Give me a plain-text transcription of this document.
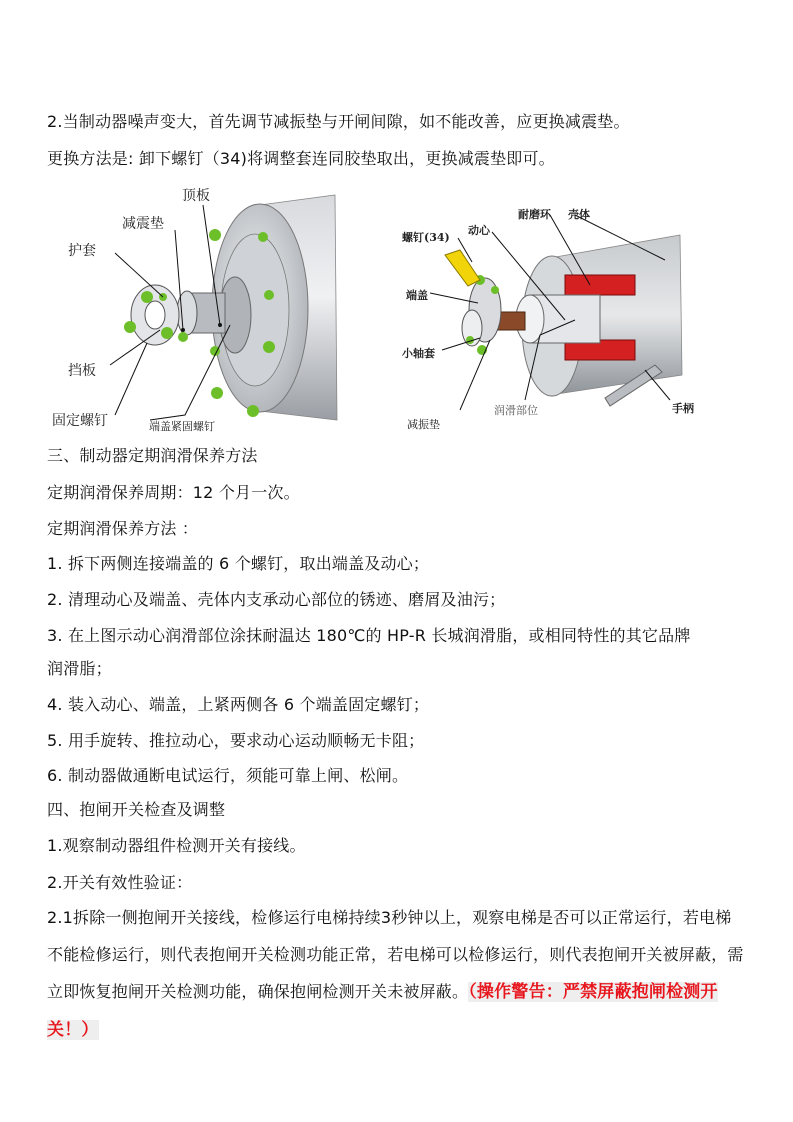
2.当制动器噪声变大，首先调节减振垫与开闸间隙，如不能改善，应更换减震垫。

更换方法是: 卸下螺钉（34)将调整套连同胶垫取出，更换减震垫即可。

顶板
减震垫
护套
挡板
固定螺钉	端盖紧固螺钉
螺钉(34)
动心
耐磨环 壳体
端盖
小轴套
减振垫
润滑部位	手柄

三、制动器定期润滑保养方法

定期润滑保养周期：12 个月一次。

定期润滑保养方法 ：

1. 拆下两侧连接端盖的 6 个螺钉，取出端盖及动心；

2. 清理动心及端盖、壳体内支承动心部位的锈迹、磨屑及油污；

3. 在上图示动心润滑部位涂抹耐温达 180℃的 HP-R 长城润滑脂，或相同特性的其它品牌

润滑脂；

4. 装入动心、端盖，上紧两侧各 6 个端盖固定螺钉；

5. 用手旋转、推拉动心，要求动心运动顺畅无卡阻；

6. 制动器做通断电试运行，须能可靠上闸、松闸。

四、抱闸开关检查及调整

1.观察制动器组件检测开关有接线。

2.开关有效性验证：

2.1拆除一侧抱闸开关接线，检修运行电梯持续3秒钟以上，观察电梯是否可以正常运行，若电梯不能检修运行，则代表抱闸开关检测功能正常，若电梯可以检修运行，则代表抱闸开关被屏蔽，需立即恢复抱闸开关检测功能，确保抱闸检测开关未被屏蔽。（操作警告：严禁屏蔽抱闸检测开关！）
